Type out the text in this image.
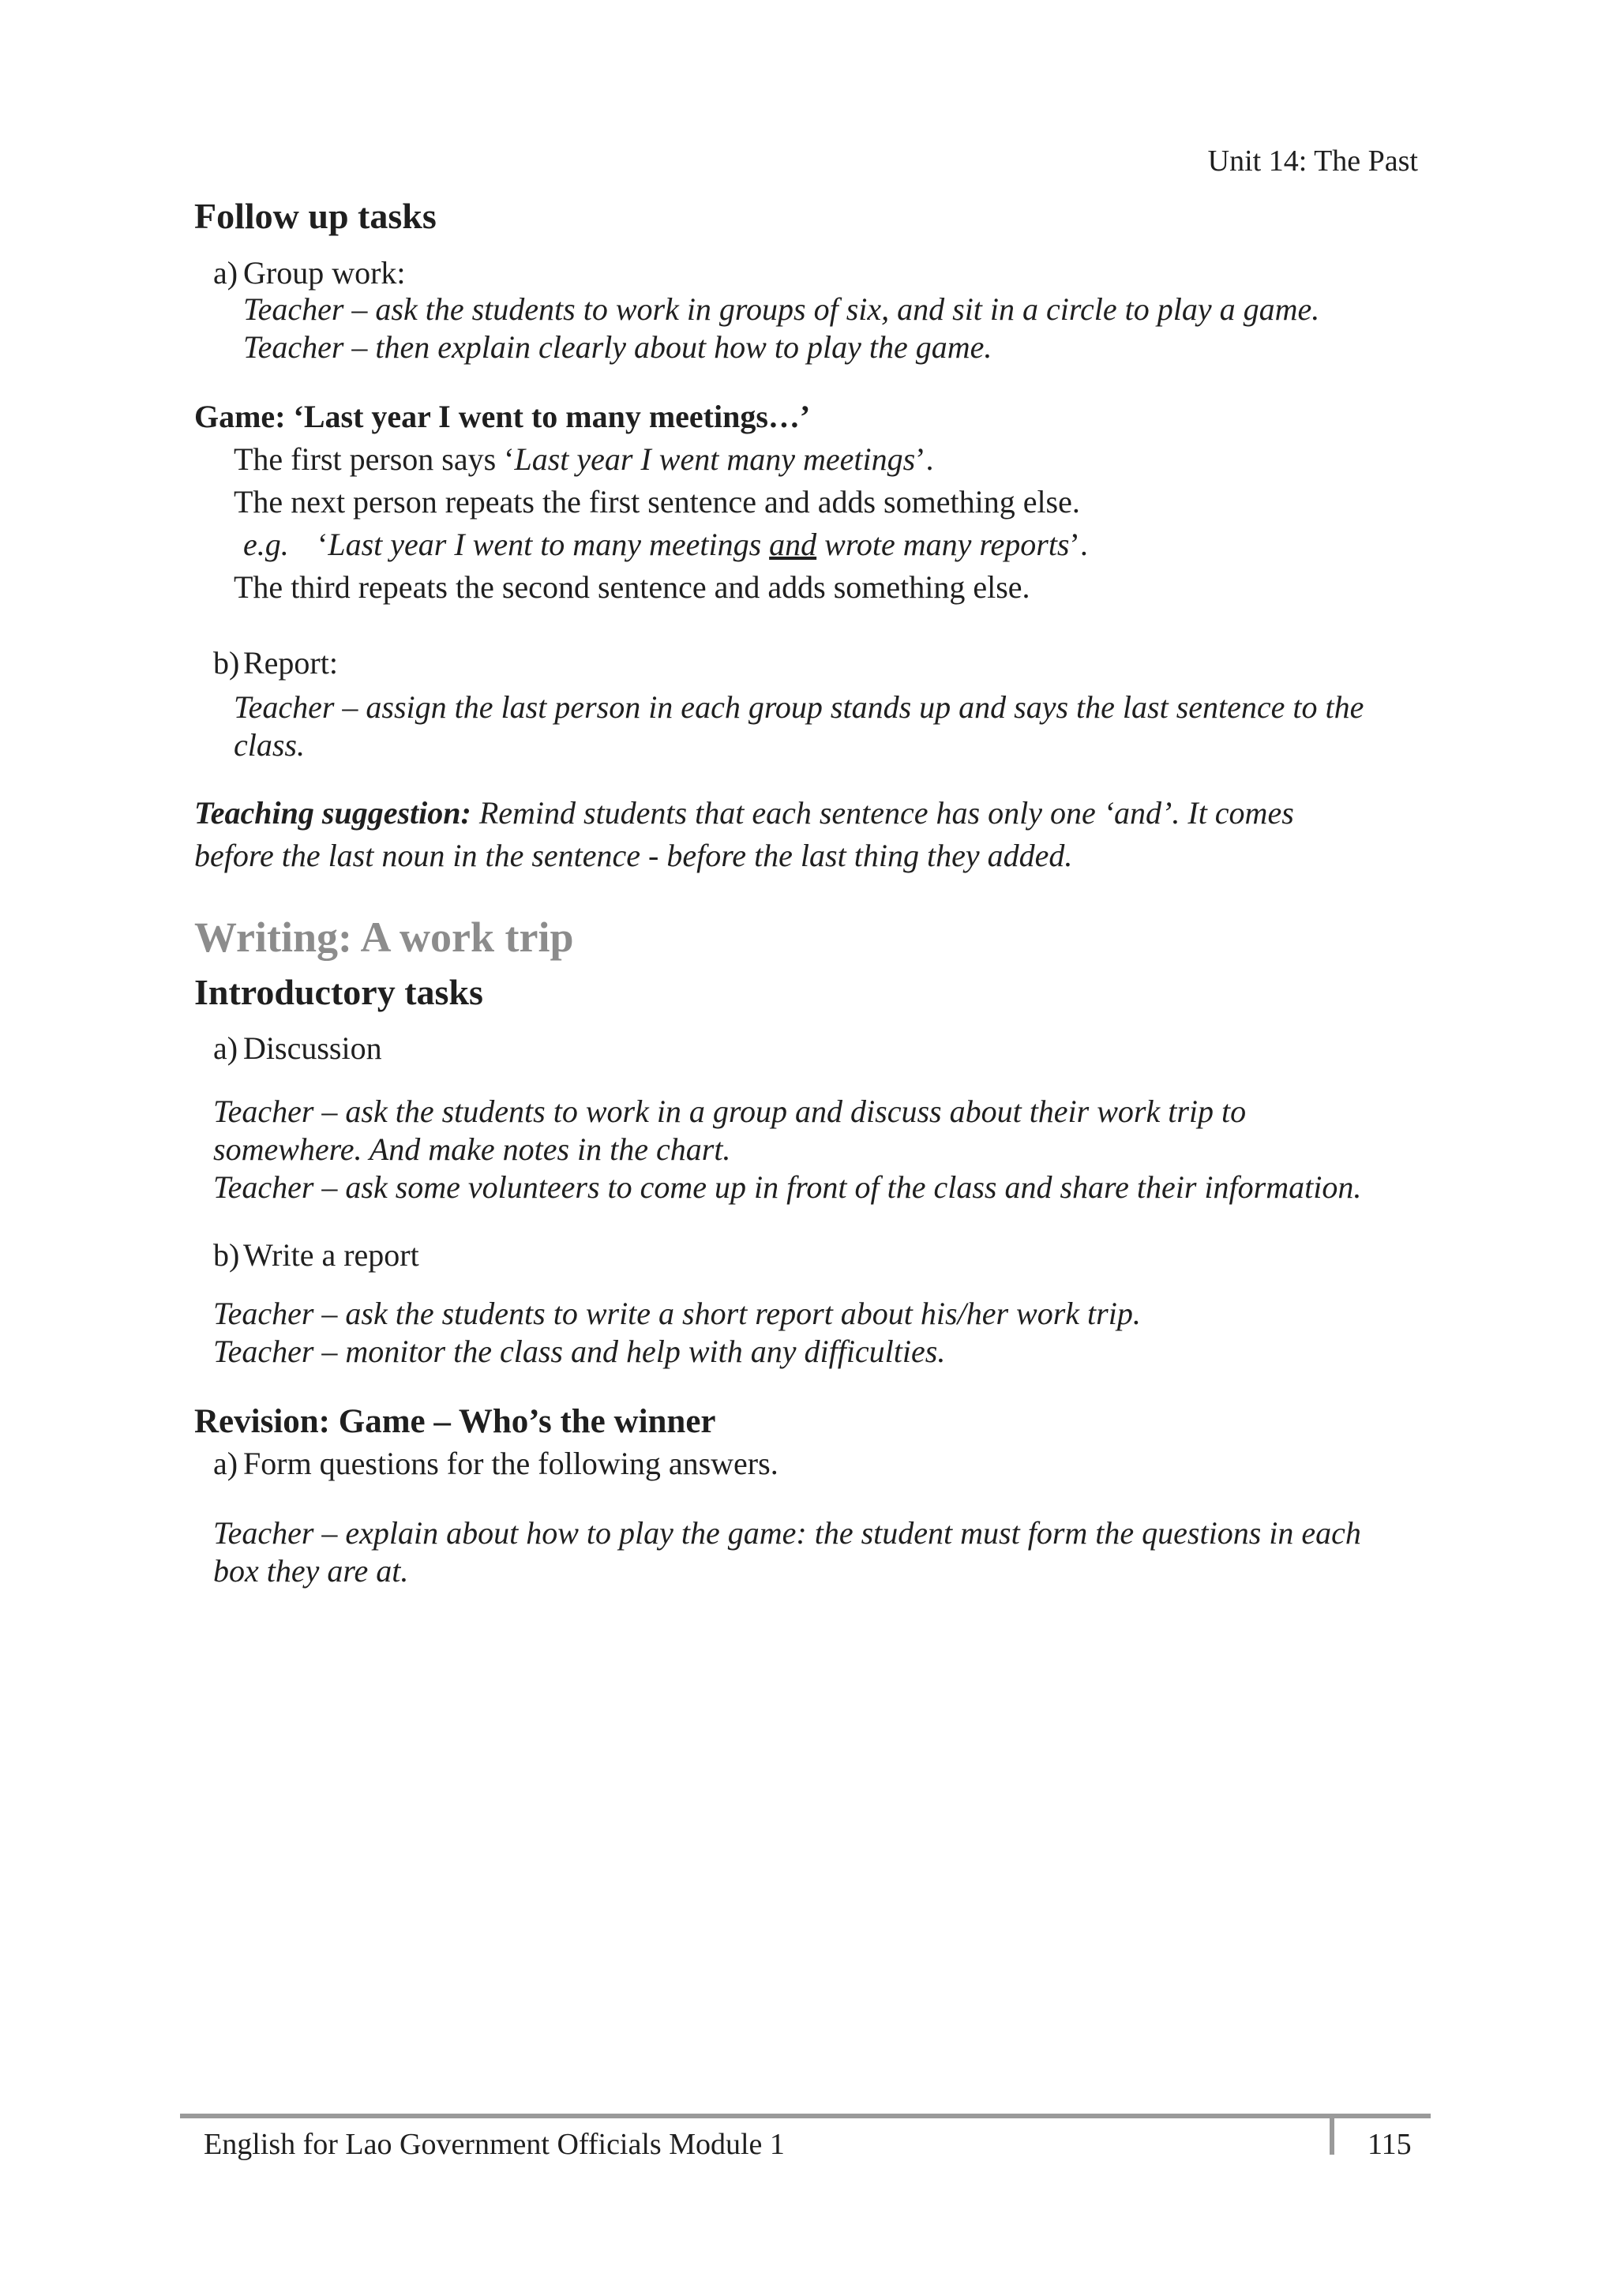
Unit 14: The Past
Follow up tasks
a) Group work:
Teacher – ask the students to work in groups of six, and sit in a circle to play a game.
Teacher – then explain clearly about how to play the game.
Game: ‘Last year I went to many meetings…’
The first person says ‘Last year I went many meetings’.
The next person repeats the first sentence and adds something else.
e.g. ‘Last year I went to many meetings and wrote many reports’.
The third repeats the second sentence and adds something else.
b) Report:
Teacher – assign the last person in each group stands up and says the last sentence to the
class.
Teaching suggestion: Remind students that each sentence has only one ‘and’. It comes
before the last noun in the sentence - before the last thing they added.
Writing: A work trip
Introductory tasks
a) Discussion
Teacher – ask the students to work in a group and discuss about their work trip to
somewhere. And make notes in the chart.
Teacher – ask some volunteers to come up in front of the class and share their information.
b) Write a report
Teacher – ask the students to write a short report about his/her work trip.
Teacher – monitor the class and help with any difficulties.
Revision: Game – Who’s the winner
a) Form questions for the following answers.
Teacher – explain about how to play the game: the student must form the questions in each
box they are at.
English for Lao Government Officials Module 1	115
